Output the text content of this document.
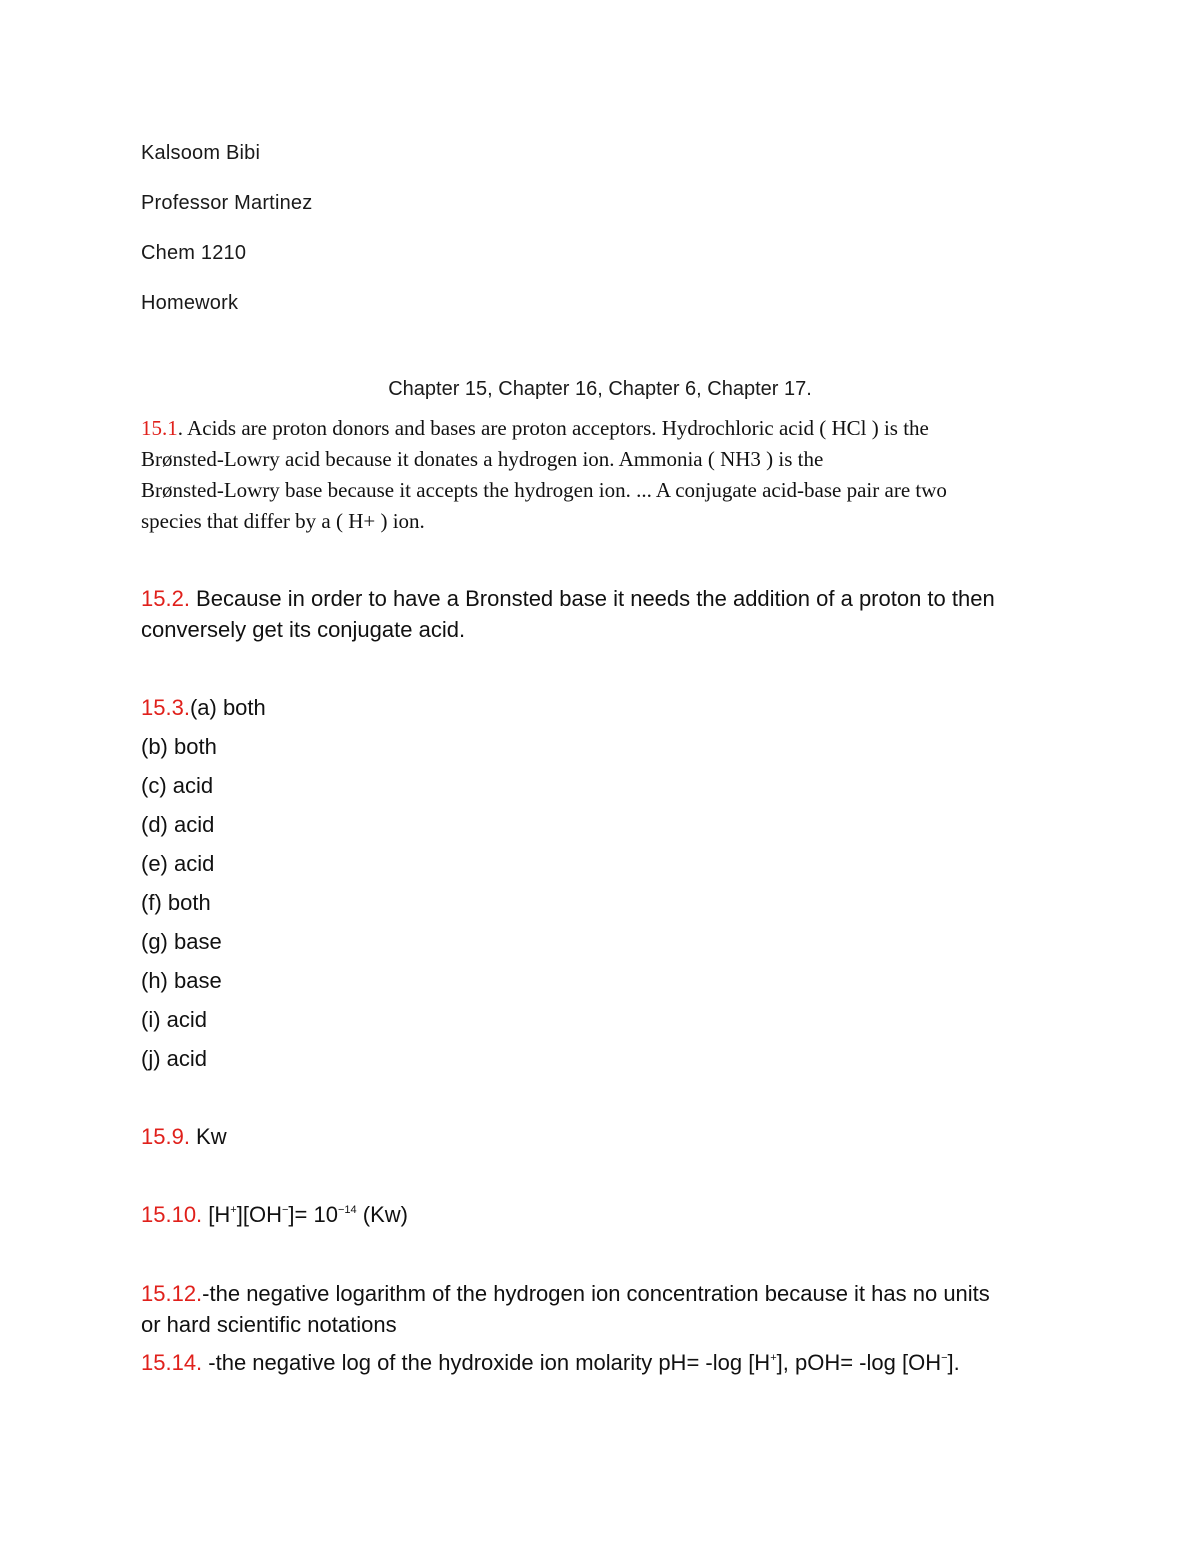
Kalsoom Bibi
Professor Martinez
Chem 1210
Homework
Chapter 15, Chapter 16, Chapter 6, Chapter 17.
15.1. Acids are proton donors and bases are proton acceptors. Hydrochloric acid ( HCl ) is the
Brønsted-Lowry acid because it donates a hydrogen ion. Ammonia ( NH3 ) is the
Brønsted-Lowry base because it accepts the hydrogen ion. ... A conjugate acid-base pair are two
species that differ by a ( H+ ) ion.
15.2. Because in order to have a Bronsted base it needs the addition of a proton to then
conversely get its conjugate acid.
15.3.(a) both
(b) both
(c) acid
(d) acid
(e) acid
(f) both
(g) base
(h) base
(i) acid
(j) acid
15.9. Kw
15.10. $[H^+][OH^-]= 10^{-14}$ (Kw)
15.12.-the negative logarithm of the hydrogen ion concentration because it has no units
or hard scientific notations
15.14. -the negative log of the hydroxide ion molarity pH= -log [H+], pOH= -log [OH−].
